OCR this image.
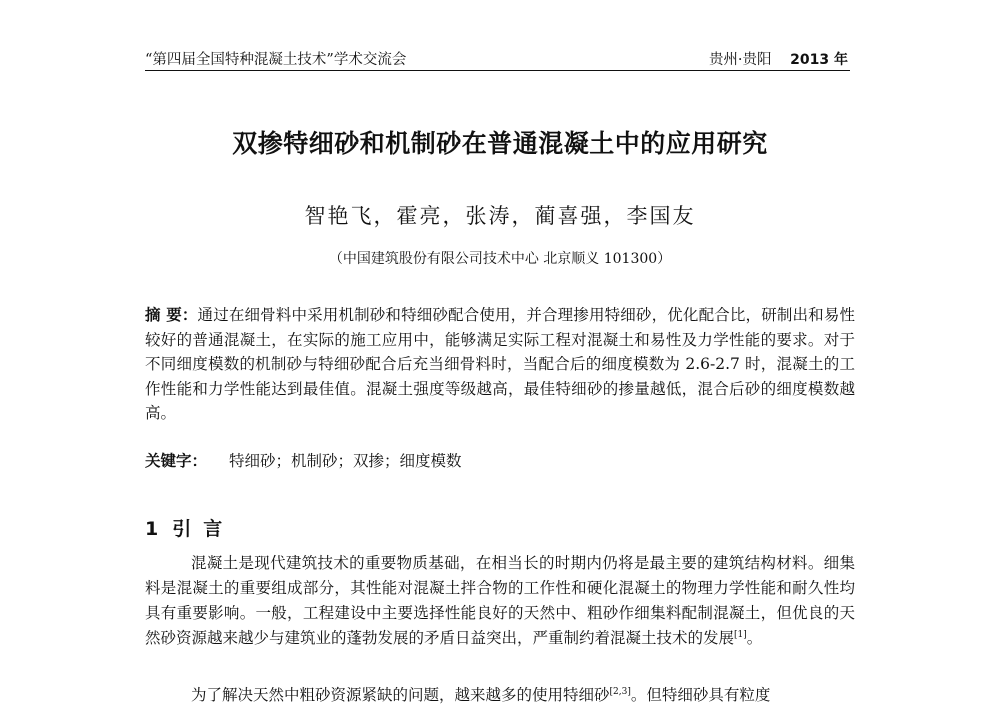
“第四届全国特种混凝土技术”学术交流会	贵州·贵阳 2013 年
双掺特细砂和机制砂在普通混凝土中的应用研究
智艳飞，霍亮，张涛，蔺喜强，李国友
（中国建筑股份有限公司技术中心 北京顺义 101300）
摘 要：通过在细骨料中采用机制砂和特细砂配合使用，并合理掺用特细砂，优化配合比，研制出和易性较好的普通混凝土，在实际的施工应用中，能够满足实际工程对混凝土和易性及力学性能的要求。对于不同细度模数的机制砂与特细砂配合后充当细骨料时，当配合后的细度模数为 2.6-2.7 时，混凝土的工作性能和力学性能达到最佳值。混凝土强度等级越高，最佳特细砂的掺量越低，混合后砂的细度模数越高。
关键字： 特细砂；机制砂；双掺；细度模数
1 引言
混凝土是现代建筑技术的重要物质基础，在相当长的时期内仍将是最主要的建筑结构材料。细集料是混凝土的重要组成部分，其性能对混凝土拌合物的工作性和硬化混凝土的物理力学性能和耐久性均具有重要影响。一般，工程建设中主要选择性能良好的天然中、粗砂作细集料配制混凝土，但优良的天然砂资源越来越少与建筑业的蓬勃发展的矛盾日益突出，严重制约着混凝土技术的发展[1]。
为了解决天然中粗砂资源紧缺的问题，越来越多的使用特细砂[2,3]。但特细砂具有粒度
